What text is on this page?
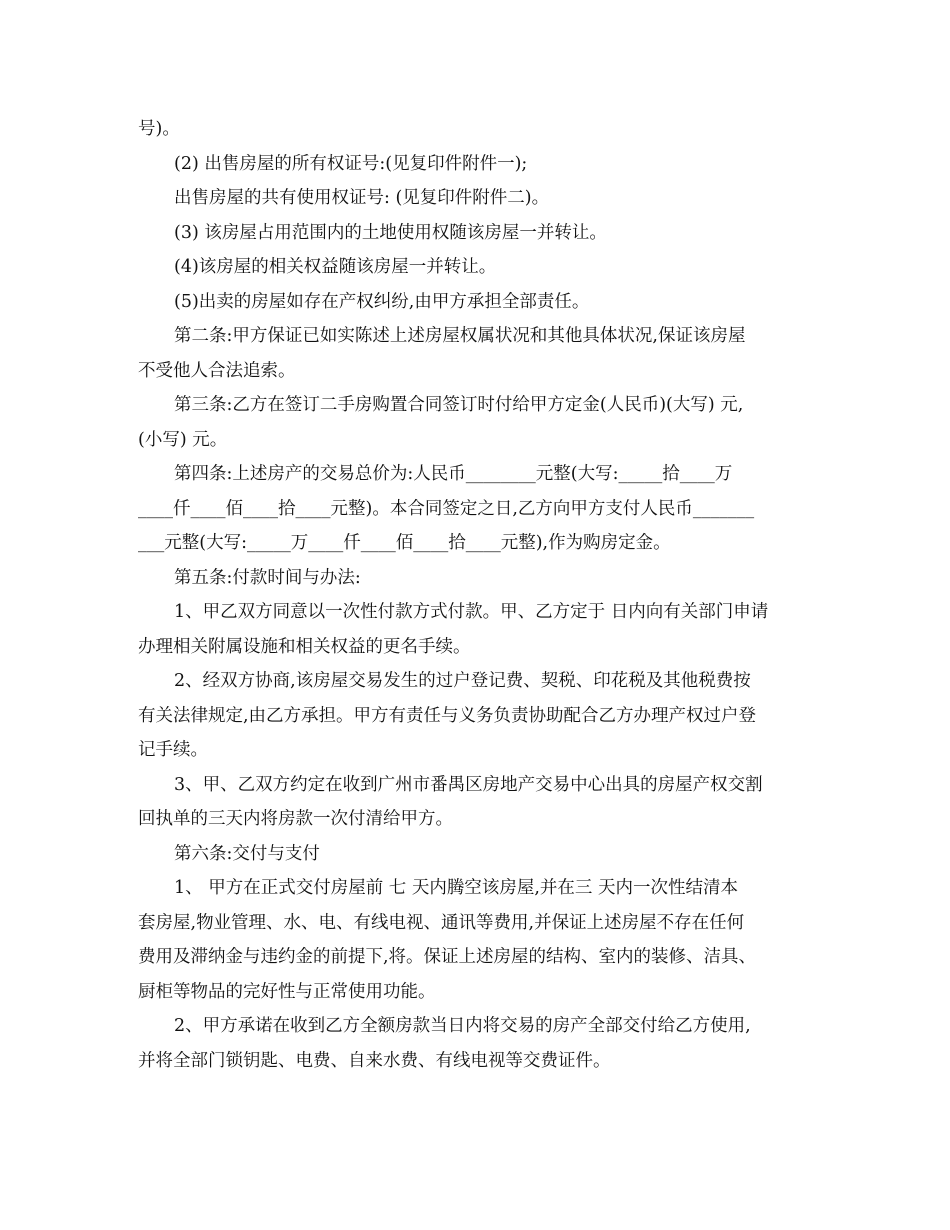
号)。
(2) 出售房屋的所有权证号:(见复印件附件一);
出售房屋的共有使用权证号: (见复印件附件二)。
(3) 该房屋占用范围内的土地使用权随该房屋一并转让。
(4)该房屋的相关权益随该房屋一并转让。
(5)出卖的房屋如存在产权纠纷,由甲方承担全部责任。
第二条:甲方保证已如实陈述上述房屋权属状况和其他具体状况,保证该房屋
不受他人合法追索。
第三条:乙方在签订二手房购置合同签订时付给甲方定金(人民币)(大写) 元,
(小写) 元。
第四条:上述房产的交易总价为:人民币________元整(大写:_____拾____万
____仟____佰____拾____元整)。本合同签定之日,乙方向甲方支付人民币_______
___元整(大写:_____万____仟____佰____拾____元整),作为购房定金。
第五条:付款时间与办法:
1、甲乙双方同意以一次性付款方式付款。甲、乙方定于 日内向有关部门申请
办理相关附属设施和相关权益的更名手续。
2、经双方协商,该房屋交易发生的过户登记费、契税、印花税及其他税费按
有关法律规定,由乙方承担。甲方有责任与义务负责协助配合乙方办理产权过户登
记手续。
3、甲、乙双方约定在收到广州市番禺区房地产交易中心出具的房屋产权交割
回执单的三天内将房款一次付清给甲方。
第六条:交付与支付
1、 甲方在正式交付房屋前 七 天内腾空该房屋,并在三 天内一次性结清本
套房屋,物业管理、水、电、有线电视、通讯等费用,并保证上述房屋不存在任何
费用及滞纳金与违约金的前提下,将。保证上述房屋的结构、室内的装修、洁具、
厨柜等物品的完好性与正常使用功能。
2、甲方承诺在收到乙方全额房款当日内将交易的房产全部交付给乙方使用,
并将全部门锁钥匙、电费、自来水费、有线电视等交费证件。
